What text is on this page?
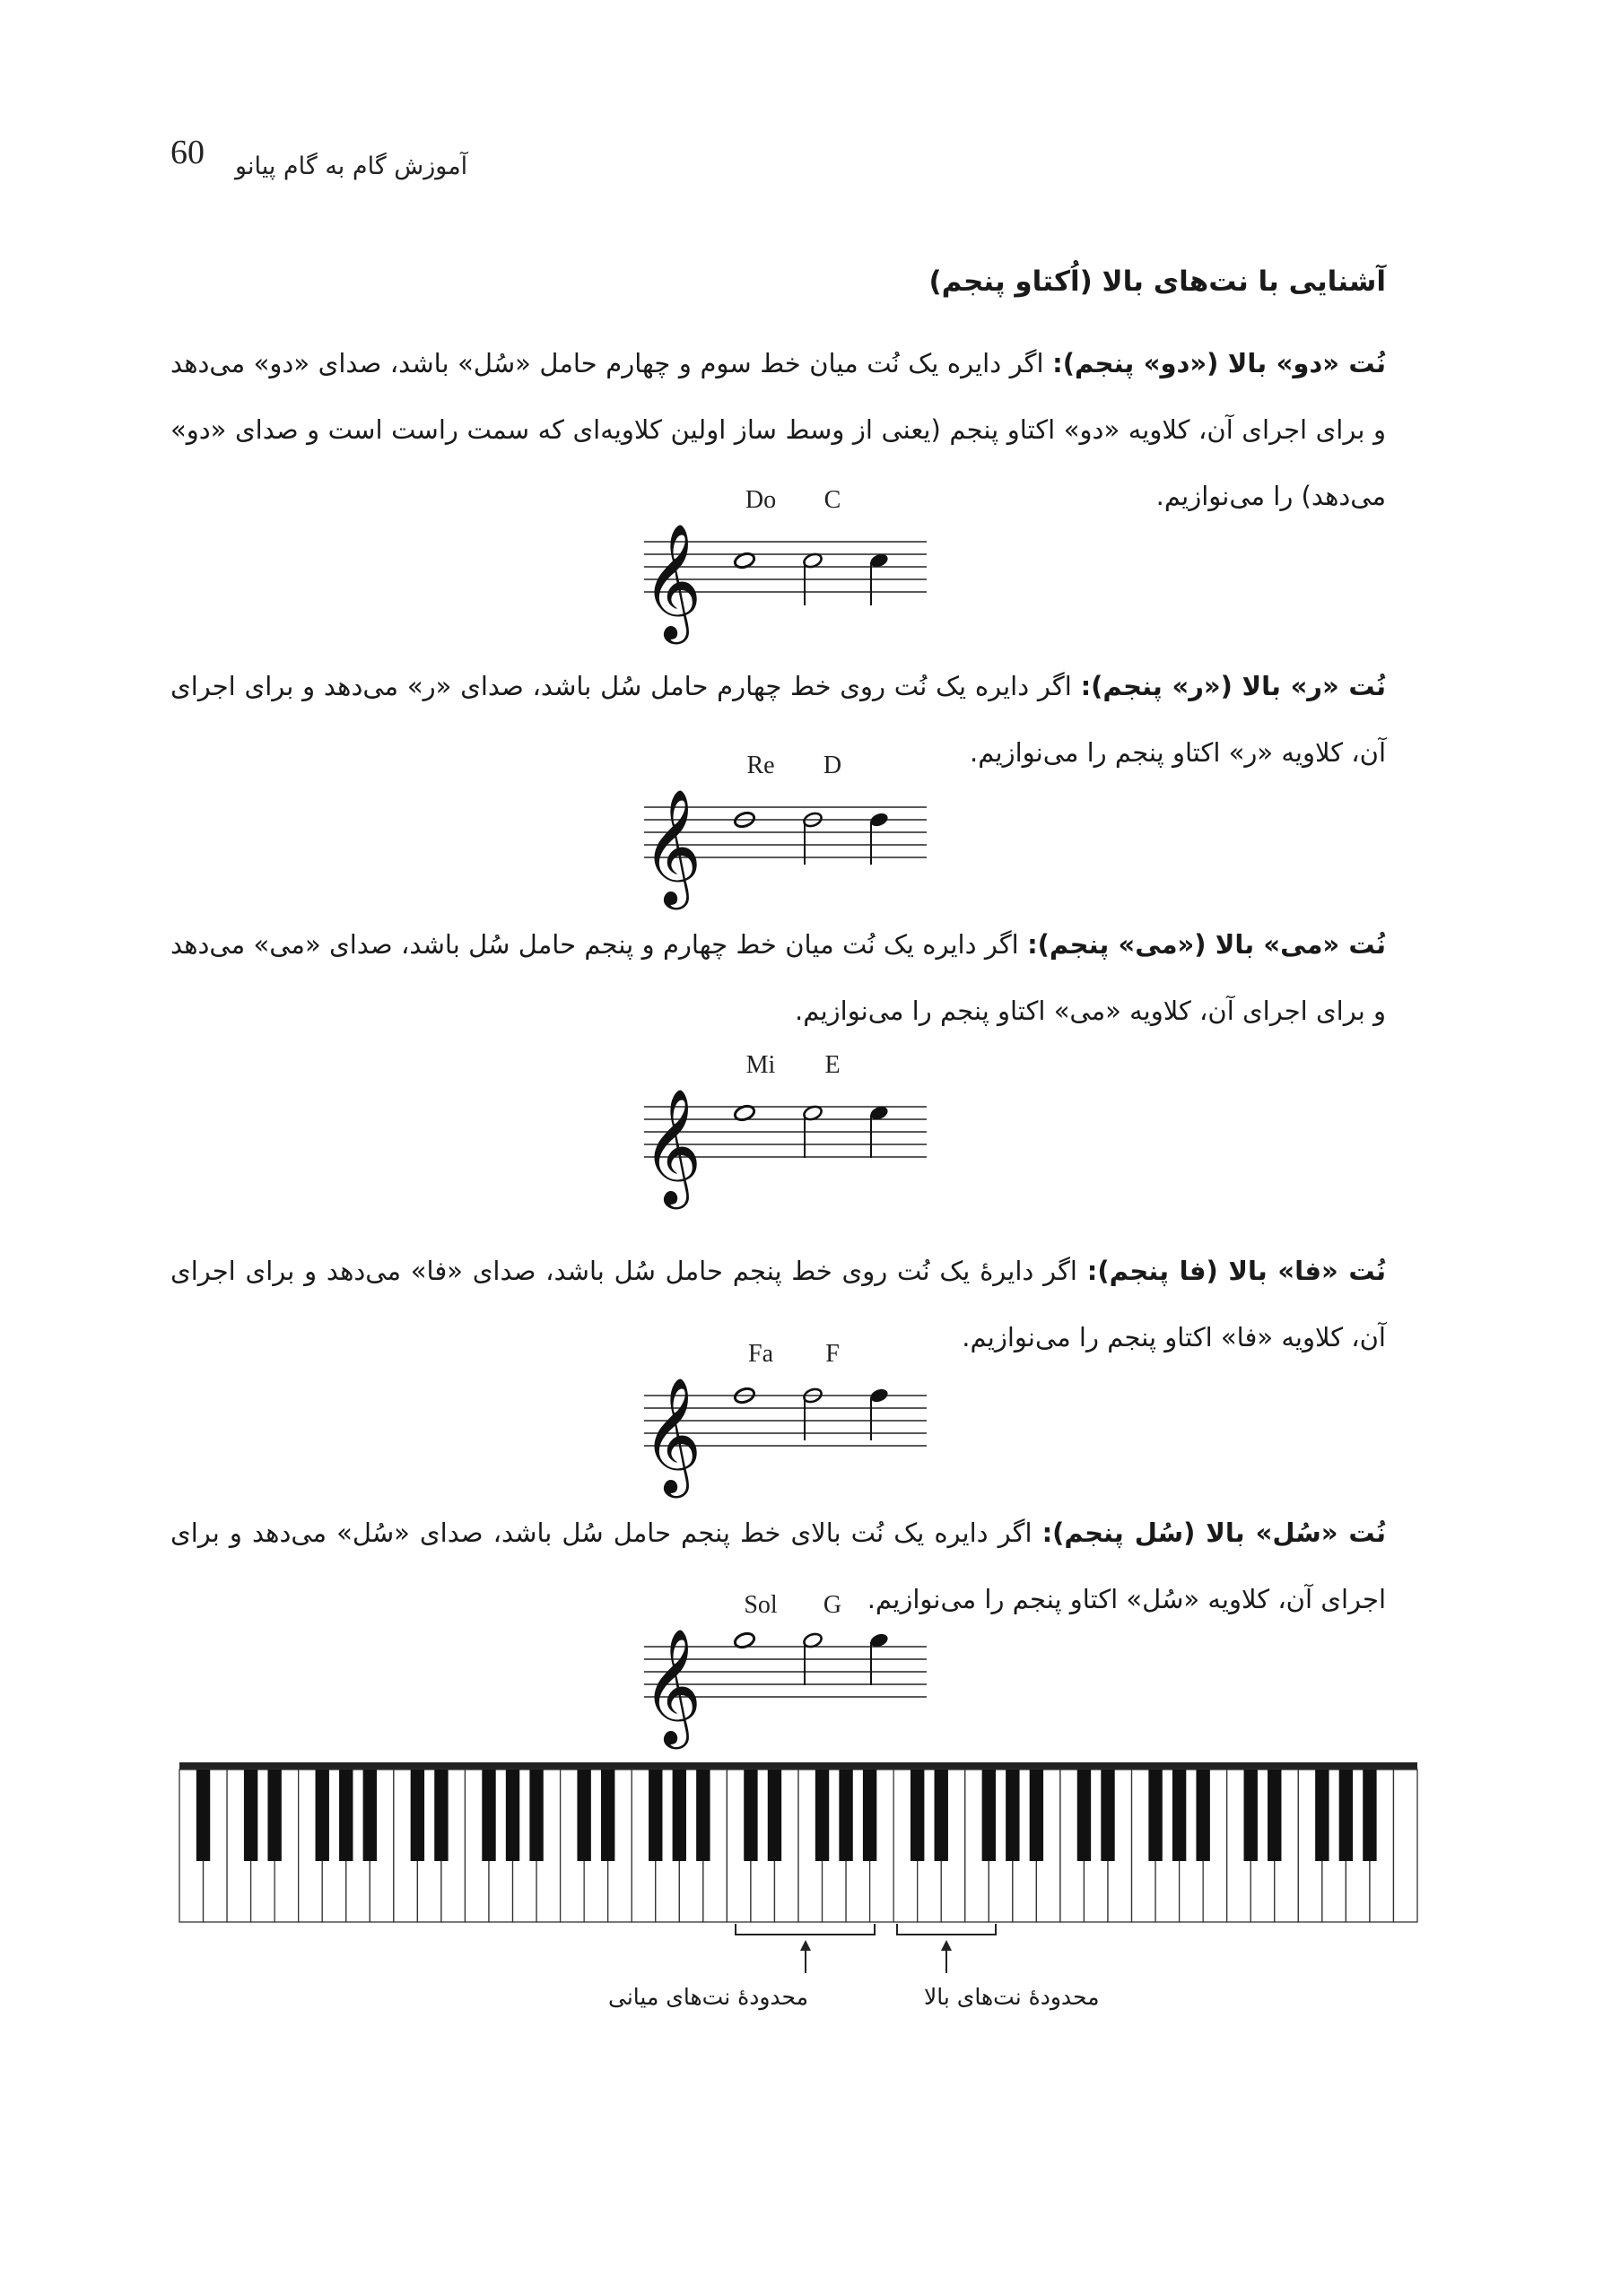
60 آموزش گام به گام پیانو
آشنایی با نت‌های بالا (اُکتاو پنجم)
نُت «دو» بالا («دو» پنجم): اگر دایره یک نُت میان خط سوم و چهارم حامل «سُل» باشد، صدای «دو» می‌دهد و برای اجرای آن، کلاویه «دو» اکتاو پنجم (یعنی از وسط ساز اولین کلاویه‌ای که سمت راست است و صدای «دو» می‌دهد) را می‌نوازیم.
𝄞
Do C
نُت «ر» بالا («ر» پنجم): اگر دایره یک نُت روی خط چهارم حامل سُل باشد، صدای «ر» می‌دهد و برای اجرای آن، کلاویه «ر» اکتاو پنجم را می‌نوازیم.
𝄞
Re D
نُت «می» بالا («می» پنجم): اگر دایره یک نُت میان خط چهارم و پنجم حامل سُل باشد، صدای «می» می‌دهد و برای اجرای آن، کلاویه «می» اکتاو پنجم را می‌نوازیم.
𝄞
Mi E
نُت «فا» بالا (فا پنجم): اگر دایرهٔ یک نُت روی خط پنجم حامل سُل باشد، صدای «فا» می‌دهد و برای اجرای آن، کلاویه «فا» اکتاو پنجم را می‌نوازیم.
𝄞
Fa F
نُت «سُل» بالا (سُل پنجم): اگر دایره یک نُت بالای خط پنجم حامل سُل باشد، صدای «سُل» می‌دهد و برای اجرای آن، کلاویه «سُل» اکتاو پنجم را می‌نوازیم.
𝄞
Sol G
محدودهٔ نت‌های میانی	محدودهٔ نت‌های بالا
